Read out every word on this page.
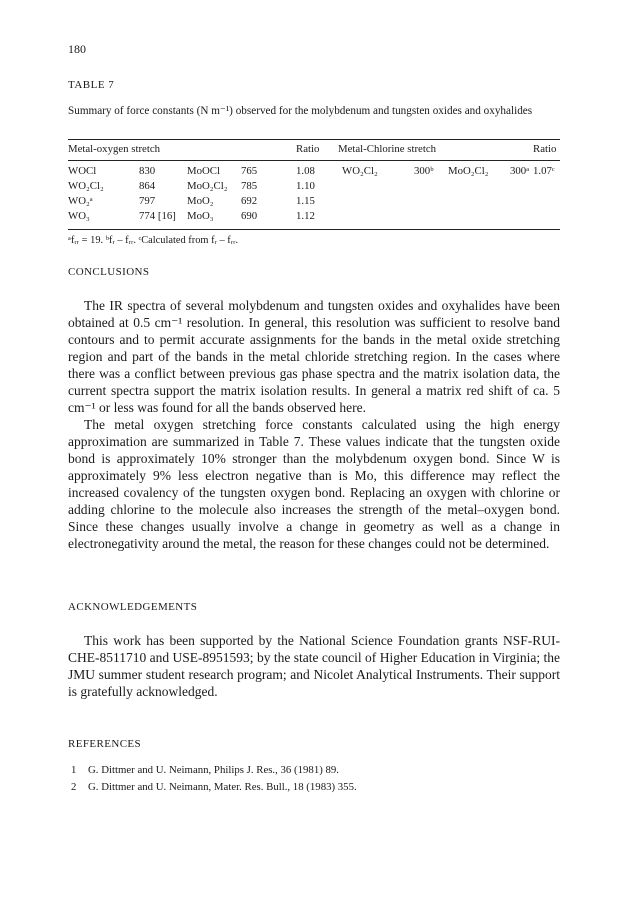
180
TABLE 7
Summary of force constants (N m⁻¹) observed for the molybdenum and tungsten oxides and oxyhalides
Metal-oxygen stretch	Ratio Metal-Chlorine stretch	Ratio
WOCl	830	MoOCl 765	1.08	WO₂Cl₂	300ᵇ MoO₂Cl₂ 300ᵃ 1.07ᶜ
WO₂Cl₂	864	MoO₂Cl₂ 785	1.10
WO₂ᵃ	797	MoO₂	692	1.15
WO₃	774 [16] MoO₃	690	1.12
ᵃfᵣᵣ = 19. ᵇfᵣ – fᵣᵣ. ᶜCalculated from fᵣ – fᵣᵣ.
CONCLUSIONS

The IR spectra of several molybdenum and tungsten oxides and oxyhalides have been obtained at 0.5 cm⁻¹ resolution. In general, this resolution was sufficient to resolve band contours and to permit accurate assignments for the bands in the metal oxide stretching region and part of the bands in the metal chloride stretching region. In the cases where there was a conflict between previous gas phase spectra and the matrix isolation data, the current spectra support the matrix isolation results. In general a matrix red shift of ca. 5 cm⁻¹ or less was found for all the bands observed here.

The metal oxygen stretching force constants calculated using the high energy approximation are summarized in Table 7. These values indicate that the tungsten oxide bond is approximately 10% stronger than the molybdenum oxygen bond. Since W is approximately 9% less electron negative than is Mo, this difference may reflect the increased covalency of the tungsten oxygen bond. Replacing an oxygen with chlorine or adding chlorine to the molecule also increases the strength of the metal–oxygen bond. Since these changes usually involve a change in geometry as well as a change in electronegativity around the metal, the reason for these changes could not be determined.

ACKNOWLEDGEMENTS

This work has been supported by the National Science Foundation grants NSF-RUI-CHE-8511710 and USE-8951593; by the state council of Higher Education in Virginia; the JMU summer student research program; and Nicolet Analytical Instruments. Their support is gratefully acknowledged.

REFERENCES
1 G. Dittmer and U. Neimann, Philips J. Res., 36 (1981) 89.
2 G. Dittmer and U. Neimann, Mater. Res. Bull., 18 (1983) 355.
